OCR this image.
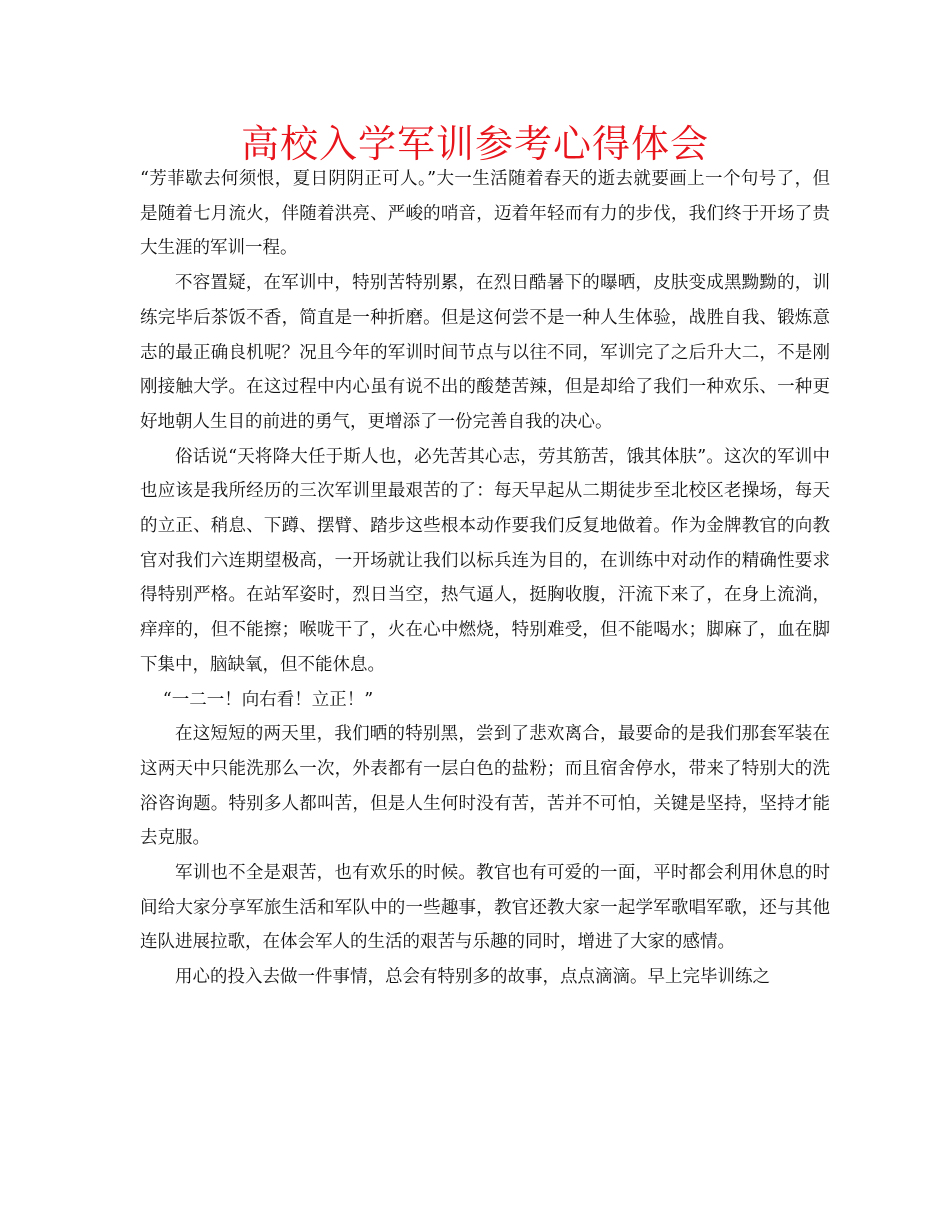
高校入学军训参考心得体会

“芳菲歇去何须恨，夏日阴阴正可人。”大一生活随着春天的逝去就要画上一个句号了，但是随着七月流火，伴随着洪亮、严峻的哨音，迈着年轻而有力的步伐，我们终于开场了贵大生涯的军训一程。

不容置疑，在军训中，特别苦特别累，在烈日酷暑下的曝晒，皮肤变成黑黝黝的，训练完毕后茶饭不香，简直是一种折磨。但是这何尝不是一种人生体验，战胜自我、锻炼意志的最正确良机呢？况且今年的军训时间节点与以往不同，军训完了之后升大二，不是刚刚接触大学。在这过程中内心虽有说不出的酸楚苦辣，但是却给了我们一种欢乐、一种更好地朝人生目的前进的勇气，更增添了一份完善自我的决心。

俗话说“天将降大任于斯人也，必先苦其心志，劳其筋苦，饿其体肤”。这次的军训中也应该是我所经历的三次军训里最艰苦的了：每天早起从二期徒步至北校区老操场，每天的立正、稍息、下蹲、摆臂、踏步这些根本动作要我们反复地做着。作为金牌教官的向教官对我们六连期望极高，一开场就让我们以标兵连为目的，在训练中对动作的精确性要求得特别严格。在站军姿时，烈日当空，热气逼人，挺胸收腹，汗流下来了，在身上流淌，痒痒的，但不能擦；喉咙干了，火在心中燃烧，特别难受，但不能喝水；脚麻了，血在脚下集中，脑缺氧，但不能休息。

“一二一！向右看！立正！”

在这短短的两天里，我们晒的特别黑，尝到了悲欢离合，最要命的是我们那套军装在这两天中只能洗那么一次，外表都有一层白色的盐粉；而且宿舍停水，带来了特别大的洗浴咨询题。特别多人都叫苦，但是人生何时没有苦，苦并不可怕，关键是坚持，坚持才能去克服。

军训也不全是艰苦，也有欢乐的时候。教官也有可爱的一面，平时都会利用休息的时间给大家分享军旅生活和军队中的一些趣事，教官还教大家一起学军歌唱军歌，还与其他连队进展拉歌，在体会军人的生活的艰苦与乐趣的同时，增进了大家的感情。

用心的投入去做一件事情，总会有特别多的故事，点点滴滴。早上完毕训练之
